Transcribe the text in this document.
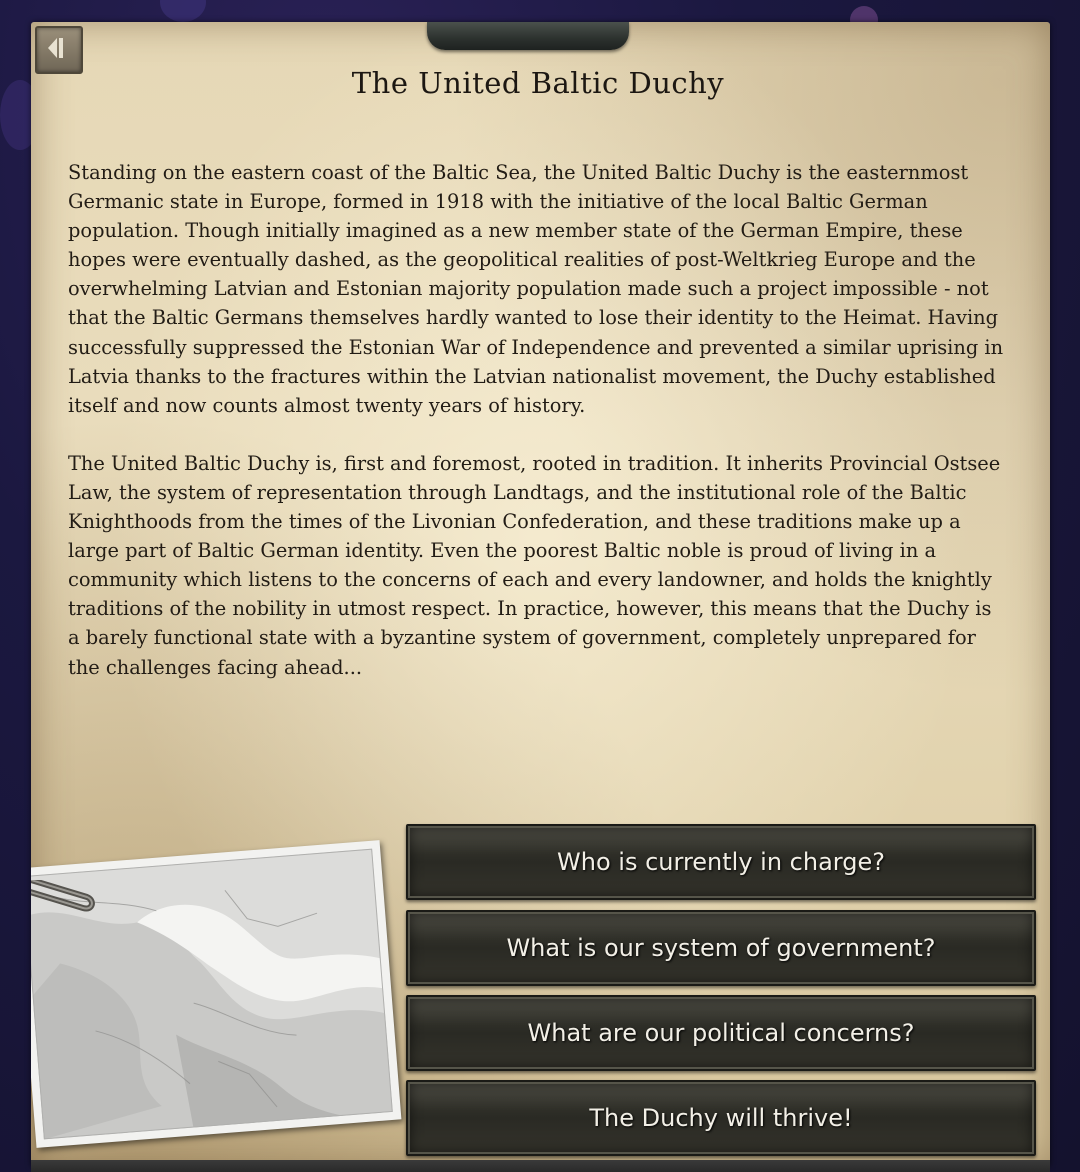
The United Baltic Duchy

Standing on the eastern coast of the Baltic Sea, the United Baltic Duchy is the easternmost Germanic state in Europe, formed in 1918 with the initiative of the local Baltic German population. Though initially imagined as a new member state of the German Empire, these hopes were eventually dashed, as the geopolitical realities of post-Weltkrieg Europe and the overwhelming Latvian and Estonian majority population made such a project impossible - not that the Baltic Germans themselves hardly wanted to lose their identity to the Heimat. Having successfully suppressed the Estonian War of Independence and prevented a similar uprising in Latvia thanks to the fractures within the Latvian nationalist movement, the Duchy established itself and now counts almost twenty years of history.

The United Baltic Duchy is, first and foremost, rooted in tradition. It inherits Provincial Ostsee Law, the system of representation through Landtags, and the institutional role of the Baltic Knighthoods from the times of the Livonian Confederation, and these traditions make up a large part of Baltic German identity. Even the poorest Baltic noble is proud of living in a community which listens to the concerns of each and every landowner, and holds the knightly traditions of the nobility in utmost respect. In practice, however, this means that the Duchy is a barely functional state with a byzantine system of government, completely unprepared for the challenges facing ahead...

Who is currently in charge?
What is our system of government?
What are our political concerns?
The Duchy will thrive!
